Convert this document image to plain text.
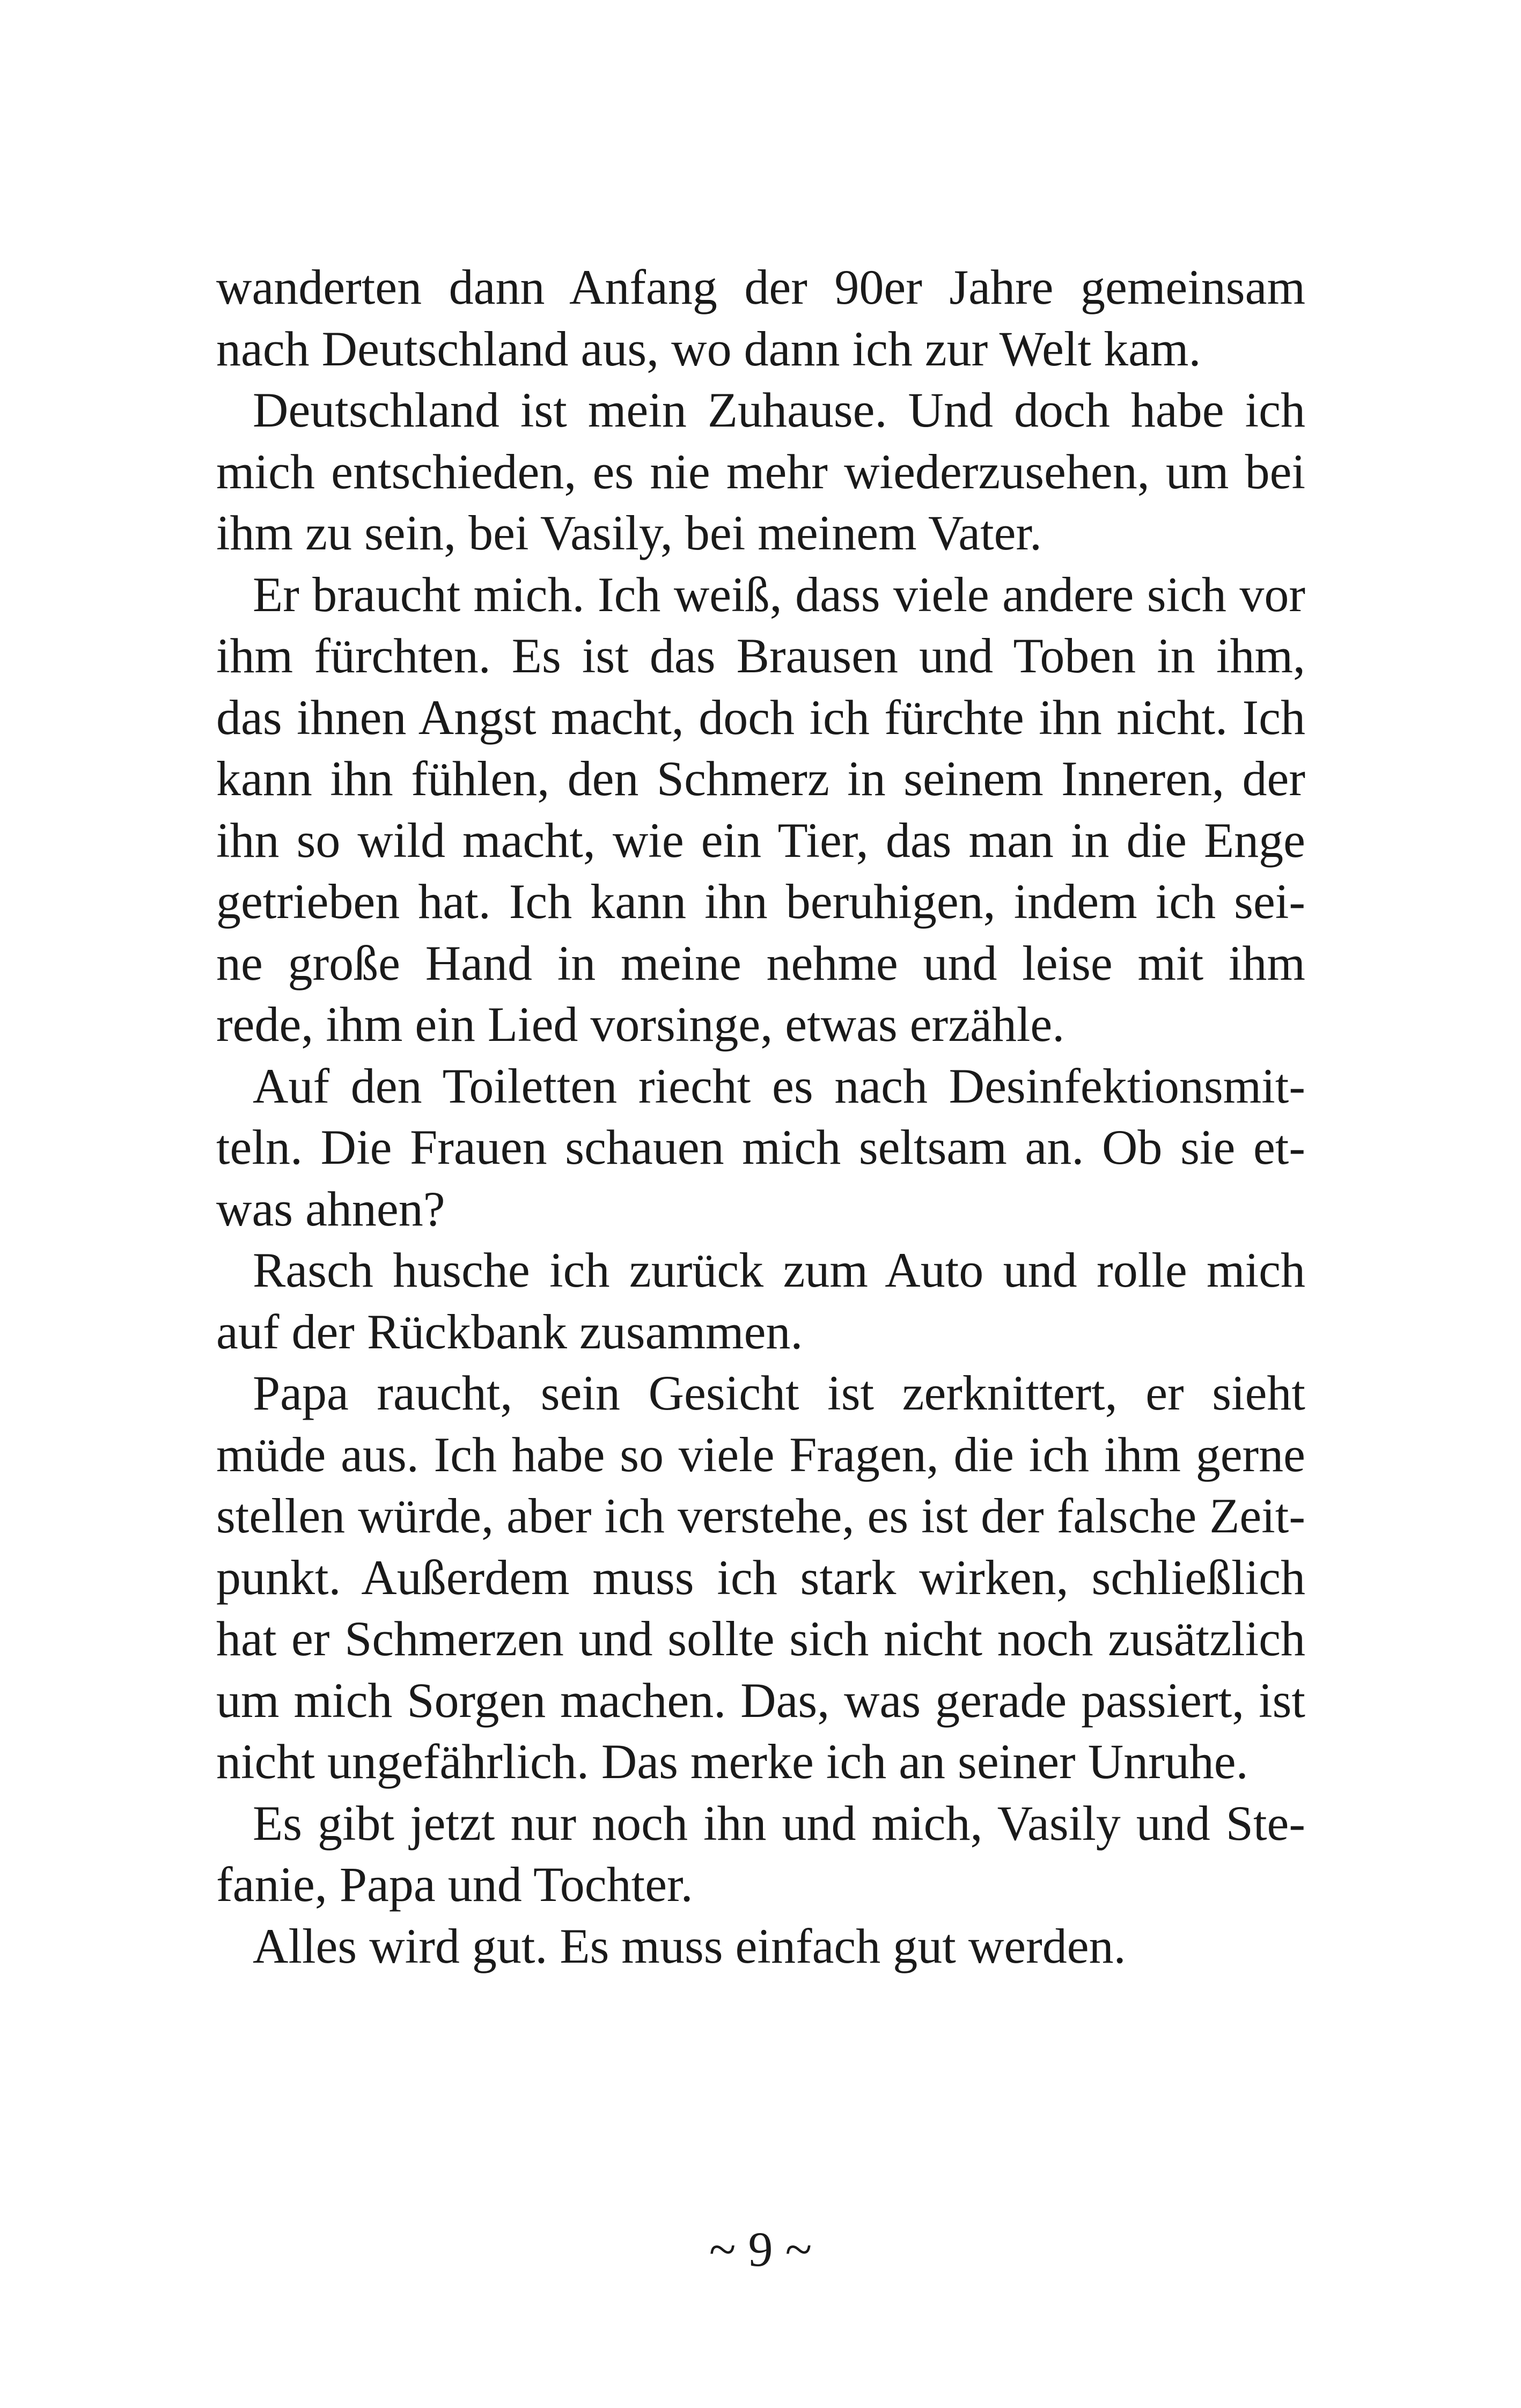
wanderten dann Anfang der 90er Jahre gemeinsam
nach Deutschland aus, wo dann ich zur Welt kam.
Deutschland ist mein Zuhause. Und doch habe ich
mich entschieden, es nie mehr wiederzusehen, um bei
ihm zu sein, bei Vasily, bei meinem Vater.
Er braucht mich. Ich weiß, dass viele andere sich vor
ihm fürchten. Es ist das Brausen und Toben in ihm,
das ihnen Angst macht, doch ich fürchte ihn nicht. Ich
kann ihn fühlen, den Schmerz in seinem Inneren, der
ihn so wild macht, wie ein Tier, das man in die Enge
getrieben hat. Ich kann ihn beruhigen, indem ich sei-
ne große Hand in meine nehme und leise mit ihm
rede, ihm ein Lied vorsinge, etwas erzähle.
Auf den Toiletten riecht es nach Desinfektionsmit-
teln. Die Frauen schauen mich seltsam an. Ob sie et-
was ahnen?
Rasch husche ich zurück zum Auto und rolle mich
auf der Rückbank zusammen.
Papa raucht, sein Gesicht ist zerknittert, er sieht
müde aus. Ich habe so viele Fragen, die ich ihm gerne
stellen würde, aber ich verstehe, es ist der falsche Zeit-
punkt. Außerdem muss ich stark wirken, schließlich
hat er Schmerzen und sollte sich nicht noch zusätzlich
um mich Sorgen machen. Das, was gerade passiert, ist
nicht ungefährlich. Das merke ich an seiner Unruhe.
Es gibt jetzt nur noch ihn und mich, Vasily und Ste-
fanie, Papa und Tochter.
Alles wird gut. Es muss einfach gut werden.
~ 9 ~
